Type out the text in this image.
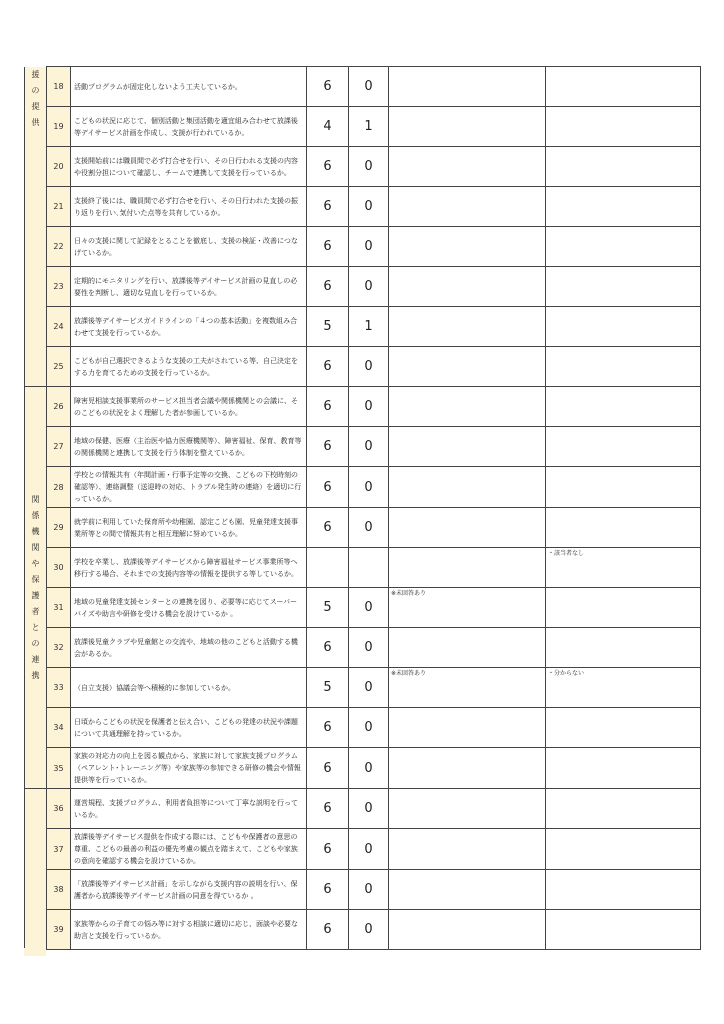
援の提供	18	活動プログラムが固定化しないよう工夫しているか。	6	0		
	19	こどもの状況に応じて、個別活動と集団活動を適宜組み合わせて放課後等デイサービス計画を作成し、支援が行われているか。	4	1		
	20	支援開始前には職員間で必ず打合せを行い、その日行われる支援の内容や役割分担について確認し、チームで連携して支援を行っているか。	6	0		
	21	支援終了後には、職員間で必ず打合せを行い、その日行われた支援の振り返りを行い､気付いた点等を共有しているか。	6	0		
	22	日々の支援に関して記録をとることを徹底し、支援の検証・改善につなげているか。	6	0		
	23	定期的にモニタリングを行い、放課後等デイサービス計画の見直しの必要性を判断し、適切な見直しを行っているか。	6	0		
	24	放課後等デイサービスガイドラインの「４つの基本活動」を複数組み合わせて支援を行っているか。	5	1		
	25	こどもが自己選択できるような支援の工夫がされている等、自己決定をする力を育てるための支援を行っているか。	6	0		

関係機関や保護者との連携	26	障害児相談支援事業所のサービス担当者会議や関係機関との会議に、そのこどもの状況をよく理解した者が参画しているか。	6	0		
	27	地域の保健、医療（主治医や協力医療機関等）、障害福祉、保育、教育等の関係機関と連携して支援を行う体制を整えているか。	6	0		
	28	学校との情報共有（年間計画・行事予定等の交換、こどもの下校時刻の確認等）、連絡調整（送迎時の対応、トラブル発生時の連絡）を適切に行っているか。	6	0		
	29	就学前に利用していた保育所や幼稚園、認定こども園、児童発達支援事業所等との間で情報共有と相互理解に努めているか。	6	0		
	30	学校を卒業し、放課後等デイサービスから障害福祉サービス事業所等へ移行する場合、それまでの支援内容等の情報を提供する等しているか。				・該当者なし
	31	地域の児童発達支援センターとの連携を図り、必要等に応じてスーパーバイズや助言や研修を受ける機会を設けているか 。	5	0	※未回答あり	
	32	放課後児童クラブや児童館との交流や、地域の他のこどもと活動する機会があるか。	6	0		
	33	（自立支援）協議会等へ積極的に参加しているか。	5	0	※未回答あり	・分からない
	34	日頃からこどもの状況を保護者と伝え合い、こどもの発達の状況や課題について共通理解を持っているか。	6	0		
	35	家族の対応力の向上を図る観点から、家族に対して家族支援プログラム（ペアレント･トレーニング等）や家族等の参加できる研修の機会や情報提供等を行っているか。	6	0		

	36	運営規程、支援プログラム、利用者負担等について丁寧な説明を行っているか。	6	0		
	37	放課後等デイサービス提供を作成する際には、こどもや保護者の意思の尊重、こどもの最善の利益の優先考慮の観点を踏まえて、こどもや家族の意向を確認する機会を設けているか。	6	0		
	38	「放課後等デイサービス計画」を示しながら支援内容の説明を行い、保護者から放課後等デイサービス計画の同意を得ているか 。	6	0		
	39	家族等からの子育ての悩み等に対する相談に適切に応じ、面談や必要な助言と支援を行っているか。	6	0		
